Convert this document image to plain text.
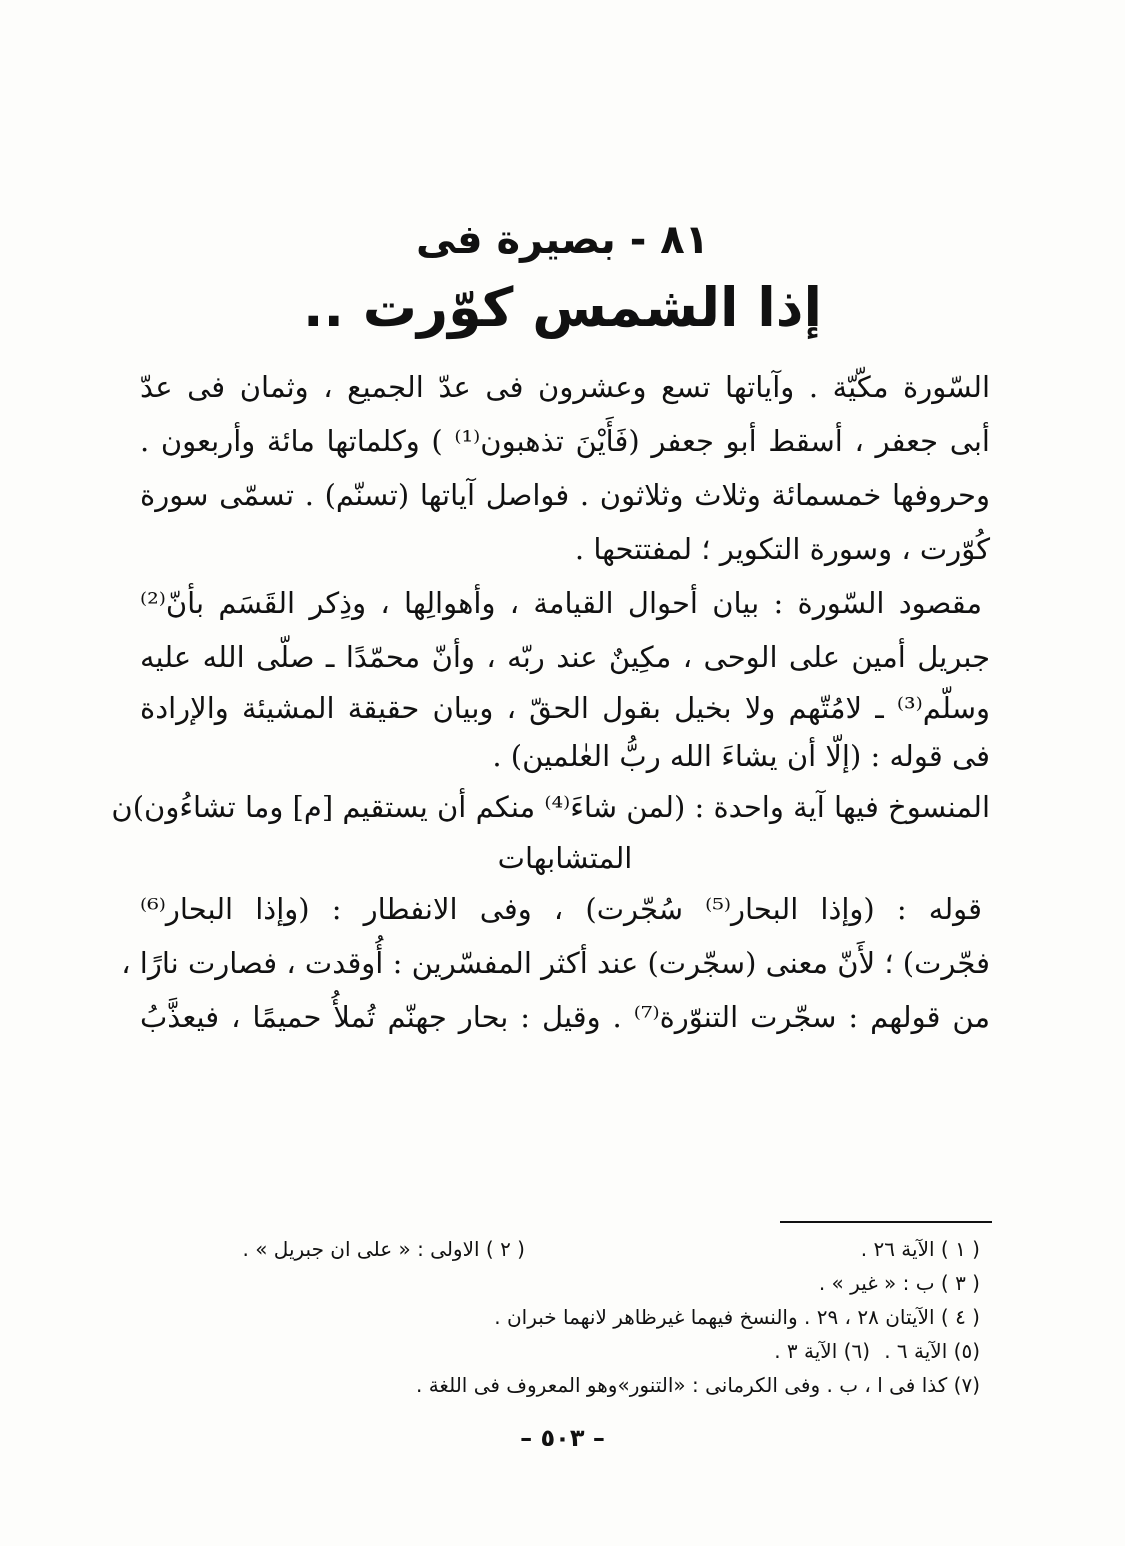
٨١ - بصيرة فى
إذا الشمس كوّرت ..
السّورة مكّيّة . وآياتها تسع وعشرون فى عدّ الجميع ، وثمان فى عدّ
أبى جعفر ، أسقط أبو جعفر (فَأَيْنَ تذهبون⁽¹⁾ ) وكلماتها مائة وأربعون .
وحروفها خمسمائة وثلاث وثلاثون . فواصل آياتها (تسنّم) . تسمّى سورة
كُوّرت ، وسورة التكوير ؛ لمفتتحها .
مقصود السّورة : بيان أحوال القيامة ، وأهوالِها ، وذِكر القَسَم بأنّ⁽²⁾
جبريل أمين على الوحى ، مكِينٌ عند ربّه ، وأنّ محمّدًا ـ صلّى الله عليه
وسلّم⁽³⁾ ـ لامُتّهم ولا بخيل بقول الحقّ ، وبيان حقيقة المشيئة والإرادة
فى قوله : (إلّا أن يشاءَ الله ربُّ العٰلمين) .
المنسوخ فيها آية واحدة : (لمن شاءَ⁽⁴⁾ منكم أن يستقيم [م] وما تشاءُون)ن
المتشابهات
قوله : (وإذا البحار⁽⁵⁾ سُجّرت) ، وفى الانفطار : (وإذا البحار⁽⁶⁾
فجّرت) ؛ لأَنّ معنى (سجّرت) عند أكثر المفسّرين : أُوقدت ، فصارت نارًا ،
من قولهم : سجّرت التنوّرة⁽⁷⁾ . وقيل : بحار جهنّم تُملأُ حميمًا ، فيعذَّبُ
( ١ ) الآية ٢٦ .
( ٢ ) الاولى : « على ان جبريل » .
( ٣ ) ب : « غير » .
( ٤ ) الآيتان ٢٨ ، ٢٩ . والنسخ فيهما غيرظاهر لانهما خبران .
(٥) الآية ٦ .
(٦) الآية ٣ .
(٧) كذا فى ا ، ب . وفى الكرمانى : «التنور»وهو المعروف فى اللغة .
– ٥٠٣ –
